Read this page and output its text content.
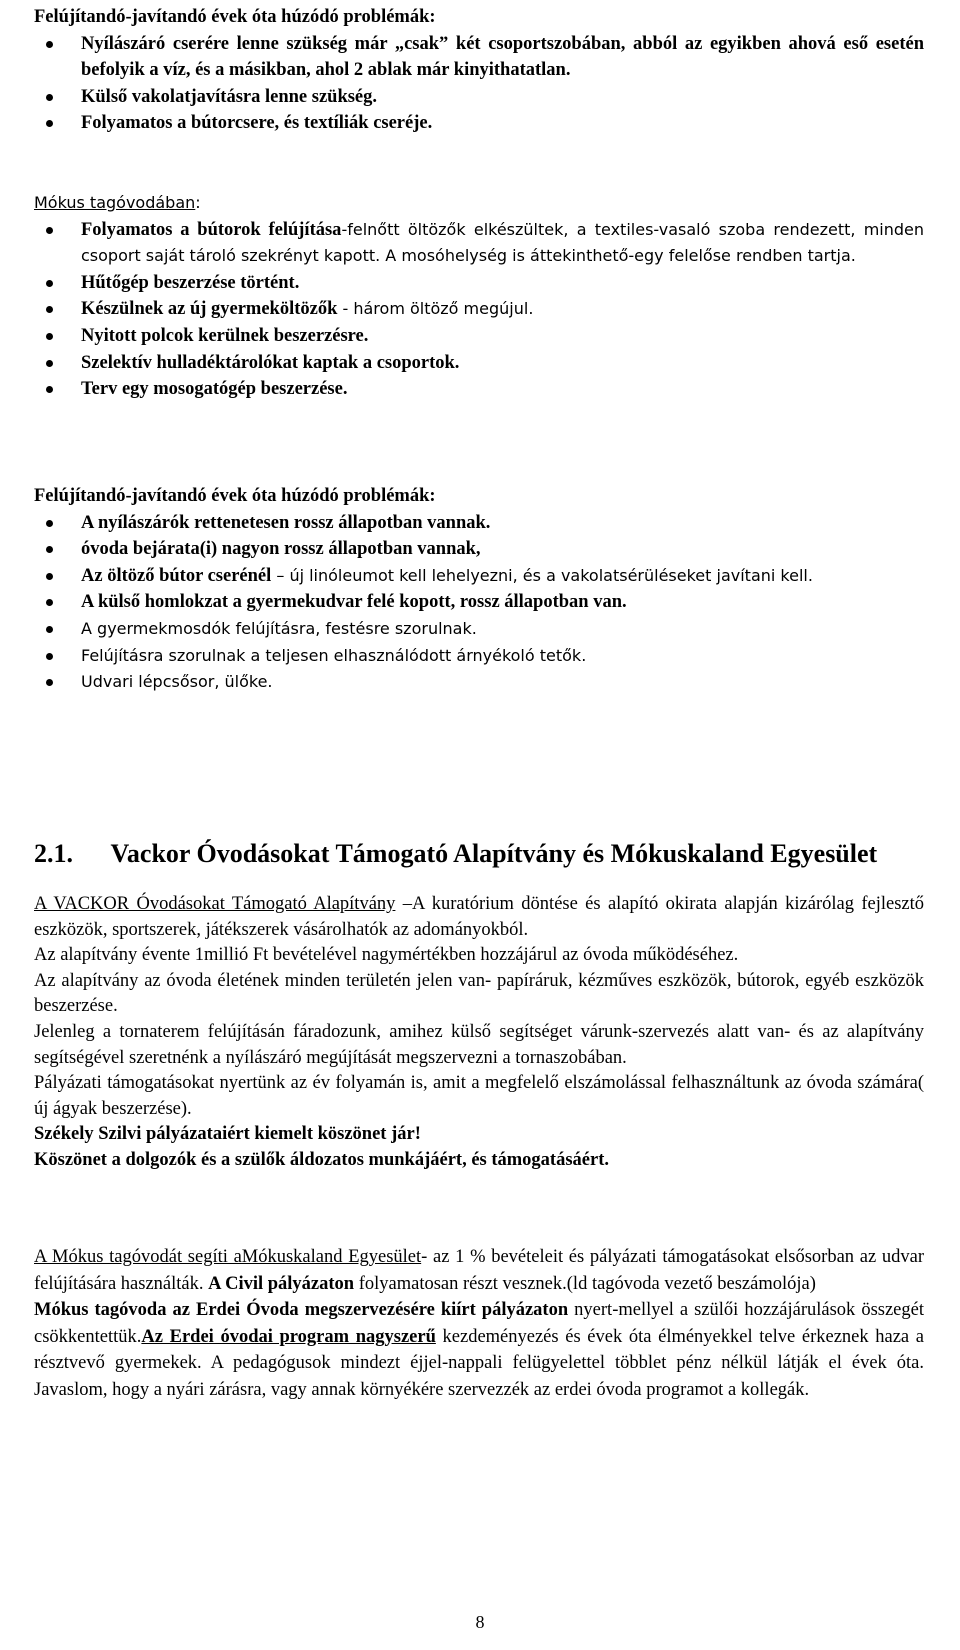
Felújítandó-javítandó évek óta húzódó problémák:

Nyílászáró cserére lenne szükség már „csak” két csoportszobában, abból az egyikben ahová eső esetén befolyik a víz, és a másikban, ahol 2 ablak már kinyithatatlan.
Külső vakolatjavításra lenne szükség.
Folyamatos a bútorcsere, és textíliák cseréje.

Mókus tagóvodában:

Folyamatos a bútorok felújítása-felnőtt öltözők elkészültek, a textiles-vasaló szoba rendezett, minden csoport saját tároló szekrényt kapott. A mosóhelység is áttekinthető-egy felelőse rendben tartja.
Hűtőgép beszerzése történt.
Készülnek az új gyermeköltözők - három öltöző megújul.
Nyitott polcok kerülnek beszerzésre.
Szelektív hulladéktárolókat kaptak a csoportok.
Terv egy mosogatógép beszerzése.

Felújítandó-javítandó évek óta húzódó problémák:

A nyílászárók rettenetesen rossz állapotban vannak.
óvoda bejárata(i) nagyon rossz állapotban vannak,
Az öltöző bútor cserénél – új linóleumot kell lehelyezni, és a vakolatsérüléseket javítani kell.
A külső homlokzat a gyermekudvar felé kopott, rossz állapotban van.
A gyermekmosdók felújításra, festésre szorulnak.
Felújításra szorulnak a teljesen elhasználódott árnyékoló tetők.
Udvari lépcsősor, ülőke.
2.1. Vackor Óvodásokat Támogató Alapítvány és Mókuskaland Egyesület

A VACKOR Óvodásokat Támogató Alapítvány –A kuratórium döntése és alapító okirata alapján kizárólag fejlesztő eszközök, sportszerek, játékszerek vásárolhatók az adományokból.

Az alapítvány évente 1millió Ft bevételével nagymértékben hozzájárul az óvoda működéséhez.

Az alapítvány az óvoda életének minden területén jelen van- papíráruk, kézműves eszközök, bútorok, egyéb eszközök beszerzése.

Jelenleg a tornaterem felújításán fáradozunk, amihez külső segítséget várunk-szervezés alatt van- és az alapítvány segítségével szeretnénk a nyílászáró megújítását megszervezni a tornaszobában.

Pályázati támogatásokat nyertünk az év folyamán is, amit a megfelelő elszámolással felhasználtunk az óvoda számára( új ágyak beszerzése).

Székely Szilvi pályázataiért kiemelt köszönet jár!

Köszönet a dolgozók és a szülők áldozatos munkájáért, és támogatásáért.

A Mókus tagóvodát segíti aMókuskaland Egyesület- az 1 % bevételeit és pályázati támogatásokat elsősorban az udvar felújítására használták. A Civil pályázaton folyamatosan részt vesznek.(ld tagóvoda vezető beszámolója)

Mókus tagóvoda az Erdei Óvoda megszervezésére kiírt pályázaton nyert-mellyel a szülői hozzájárulások összegét csökkentettük.Az Erdei óvodai program nagyszerű kezdeményezés és évek óta élményekkel telve érkeznek haza a résztvevő gyermekek. A pedagógusok mindezt éjjel-nappali felügyelettel többlet pénz nélkül látják el évek óta. Javaslom, hogy a nyári zárásra, vagy annak környékére szervezzék az erdei óvoda programot a kollegák.

8
